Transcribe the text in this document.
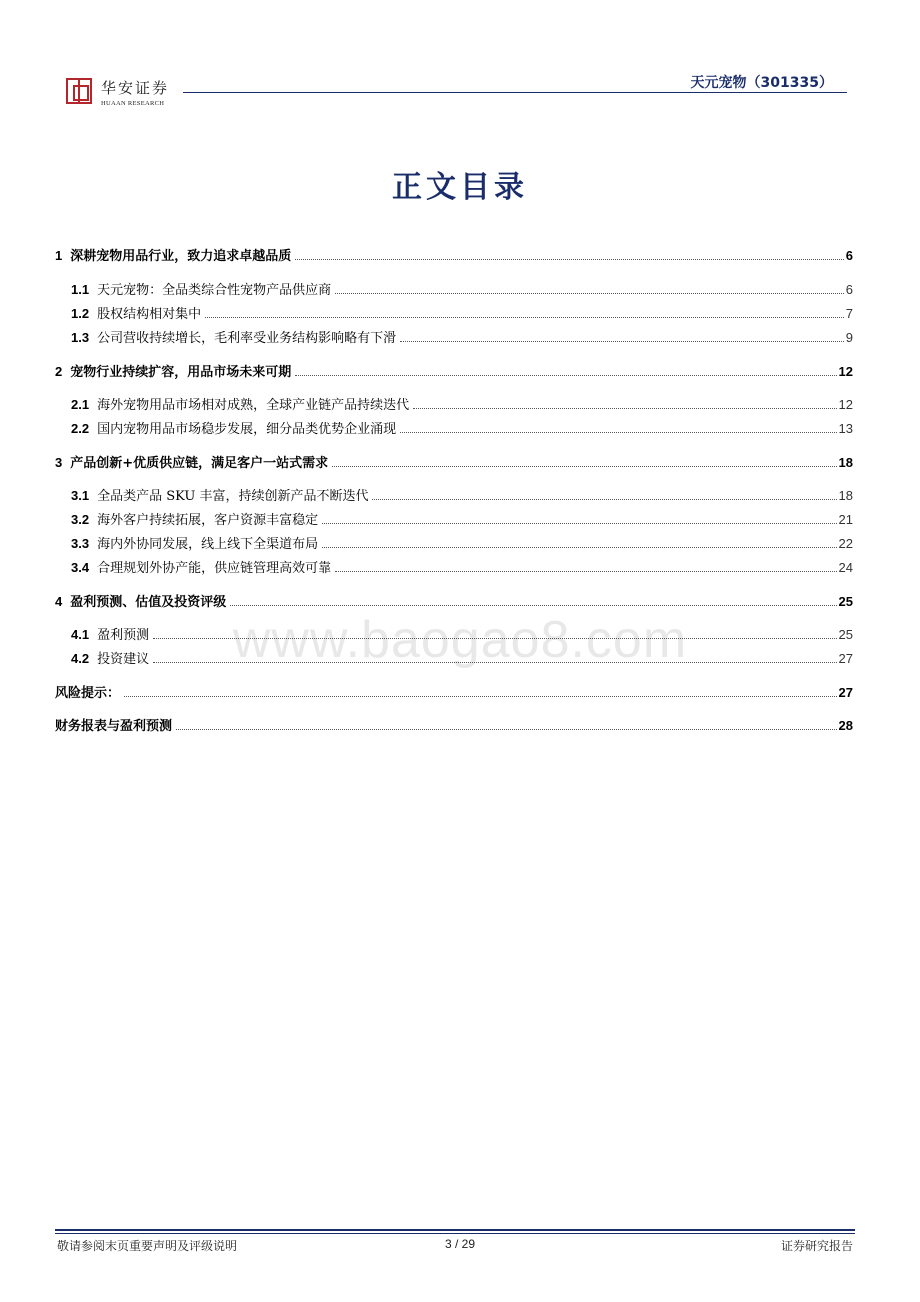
华安证券
HUAAN RESEARCH
天元宠物（301335）
正文目录
www.baogao8.com
1 深耕宠物用品行业，致力追求卓越品质	6
1.1 天元宠物：全品类综合性宠物产品供应商	6
1.2 股权结构相对集中	7
1.3 公司营收持续增长，毛利率受业务结构影响略有下滑	9
2 宠物行业持续扩容，用品市场未来可期	12
2.1 海外宠物用品市场相对成熟，全球产业链产品持续迭代	12
2.2 国内宠物用品市场稳步发展，细分品类优势企业涌现	13
3 产品创新+优质供应链，满足客户一站式需求	18
3.1 全品类产品 SKU 丰富，持续创新产品不断迭代	18
3.2 海外客户持续拓展，客户资源丰富稳定	21
3.3 海内外协同发展，线上线下全渠道布局	22
3.4 合理规划外协产能，供应链管理高效可靠	24
4 盈利预测、估值及投资评级	25
4.1 盈利预测	25
4.2 投资建议	27
风险提示：	27
财务报表与盈利预测	28
敬请参阅末页重要声明及评级说明	3 / 29	证券研究报告
